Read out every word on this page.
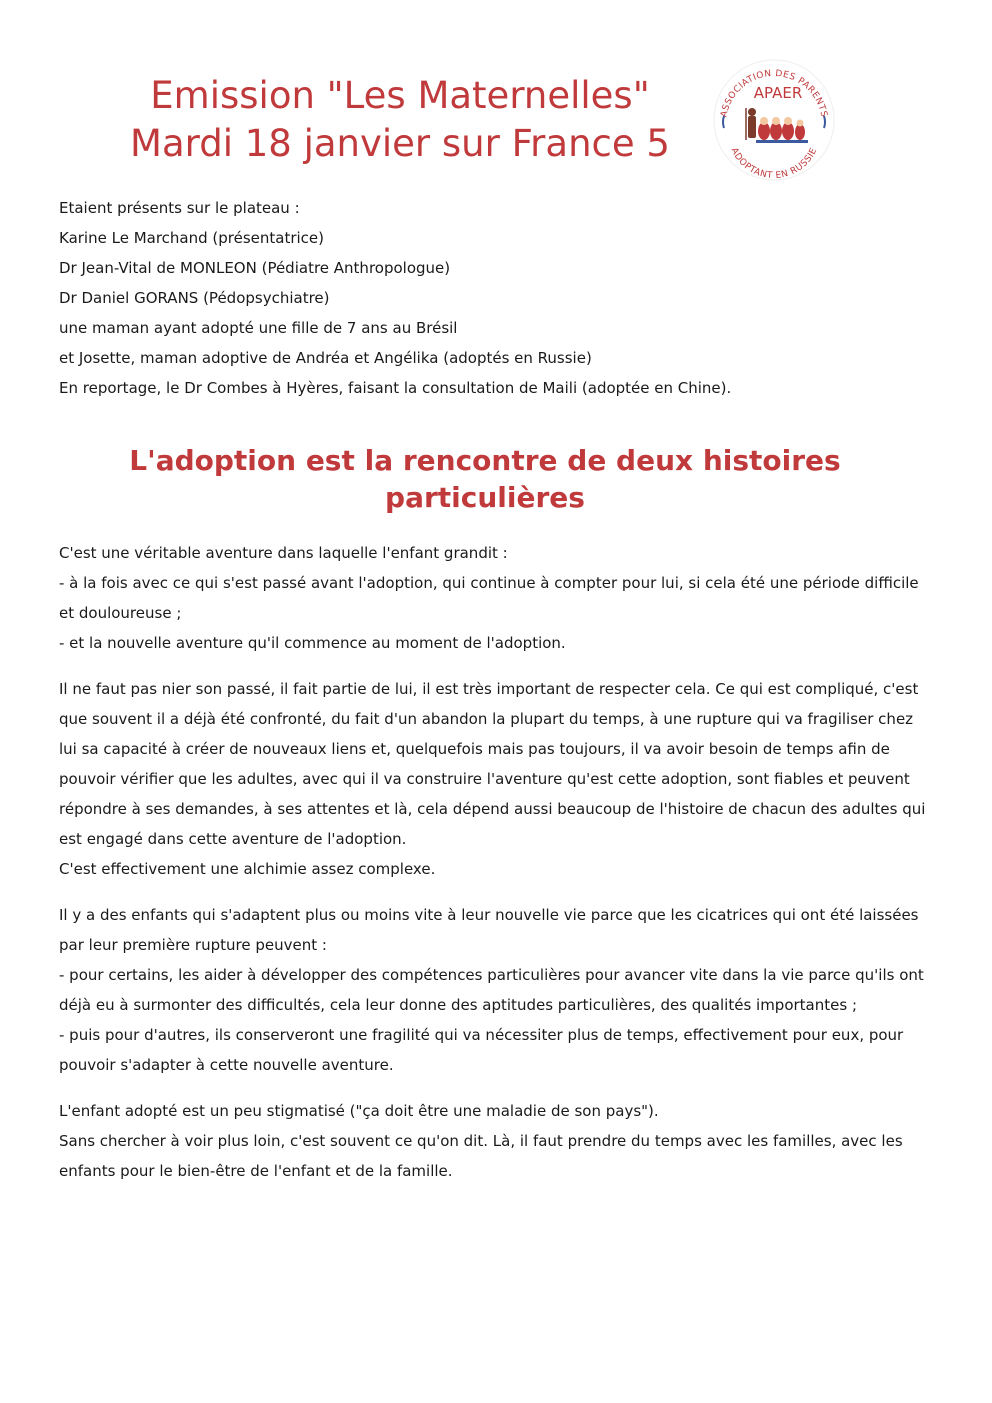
Emission "Les Maternelles"
Mardi 18 janvier sur France 5
ASSOCIATION DES PARENTS
ADOPTANT EN RUSSIE
APAER
Etaient présents sur le plateau :
Karine Le Marchand (présentatrice)
Dr Jean-Vital de MONLEON (Pédiatre Anthropologue)
Dr Daniel GORANS (Pédopsychiatre)
une maman ayant adopté une fille de 7 ans au Brésil
et Josette, maman adoptive de Andréa et Angélika (adoptés en Russie)
En reportage, le Dr Combes à Hyères, faisant la consultation de Maili (adoptée en Chine).
L'adoption est la rencontre de deux histoires
particulières

C'est une véritable aventure dans laquelle l'enfant grandit :
- à la fois avec ce qui s'est passé avant l'adoption, qui continue à compter pour lui, si cela été une période difficile et douloureuse ;
- et la nouvelle aventure qu'il commence au moment de l'adoption.

Il ne faut pas nier son passé, il fait partie de lui, il est très important de respecter cela. Ce qui est compliqué, c'est que souvent il a déjà été confronté, du fait d'un abandon la plupart du temps, à une rupture qui va fragiliser chez lui sa capacité à créer de nouveaux liens et, quelquefois mais pas toujours, il va avoir besoin de temps afin de pouvoir vérifier que les adultes, avec qui il va construire l'aventure qu'est cette adoption, sont fiables et peuvent répondre à ses demandes, à ses attentes et là, cela dépend aussi beaucoup de l'histoire de chacun des adultes qui est engagé dans cette aventure de l'adoption.
C'est effectivement une alchimie assez complexe.

Il y a des enfants qui s'adaptent plus ou moins vite à leur nouvelle vie parce que les cicatrices qui ont été laissées par leur première rupture peuvent :
- pour certains, les aider à développer des compétences particulières pour avancer vite dans la vie parce qu'ils ont déjà eu à surmonter des difficultés, cela leur donne des aptitudes particulières, des qualités importantes ;
- puis pour d'autres, ils conserveront une fragilité qui va nécessiter plus de temps, effectivement pour eux, pour pouvoir s'adapter à cette nouvelle aventure.

L'enfant adopté est un peu stigmatisé ("ça doit être une maladie de son pays").
Sans chercher à voir plus loin, c'est souvent ce qu'on dit. Là, il faut prendre du temps avec les familles, avec les enfants pour le bien-être de l'enfant et de la famille.
